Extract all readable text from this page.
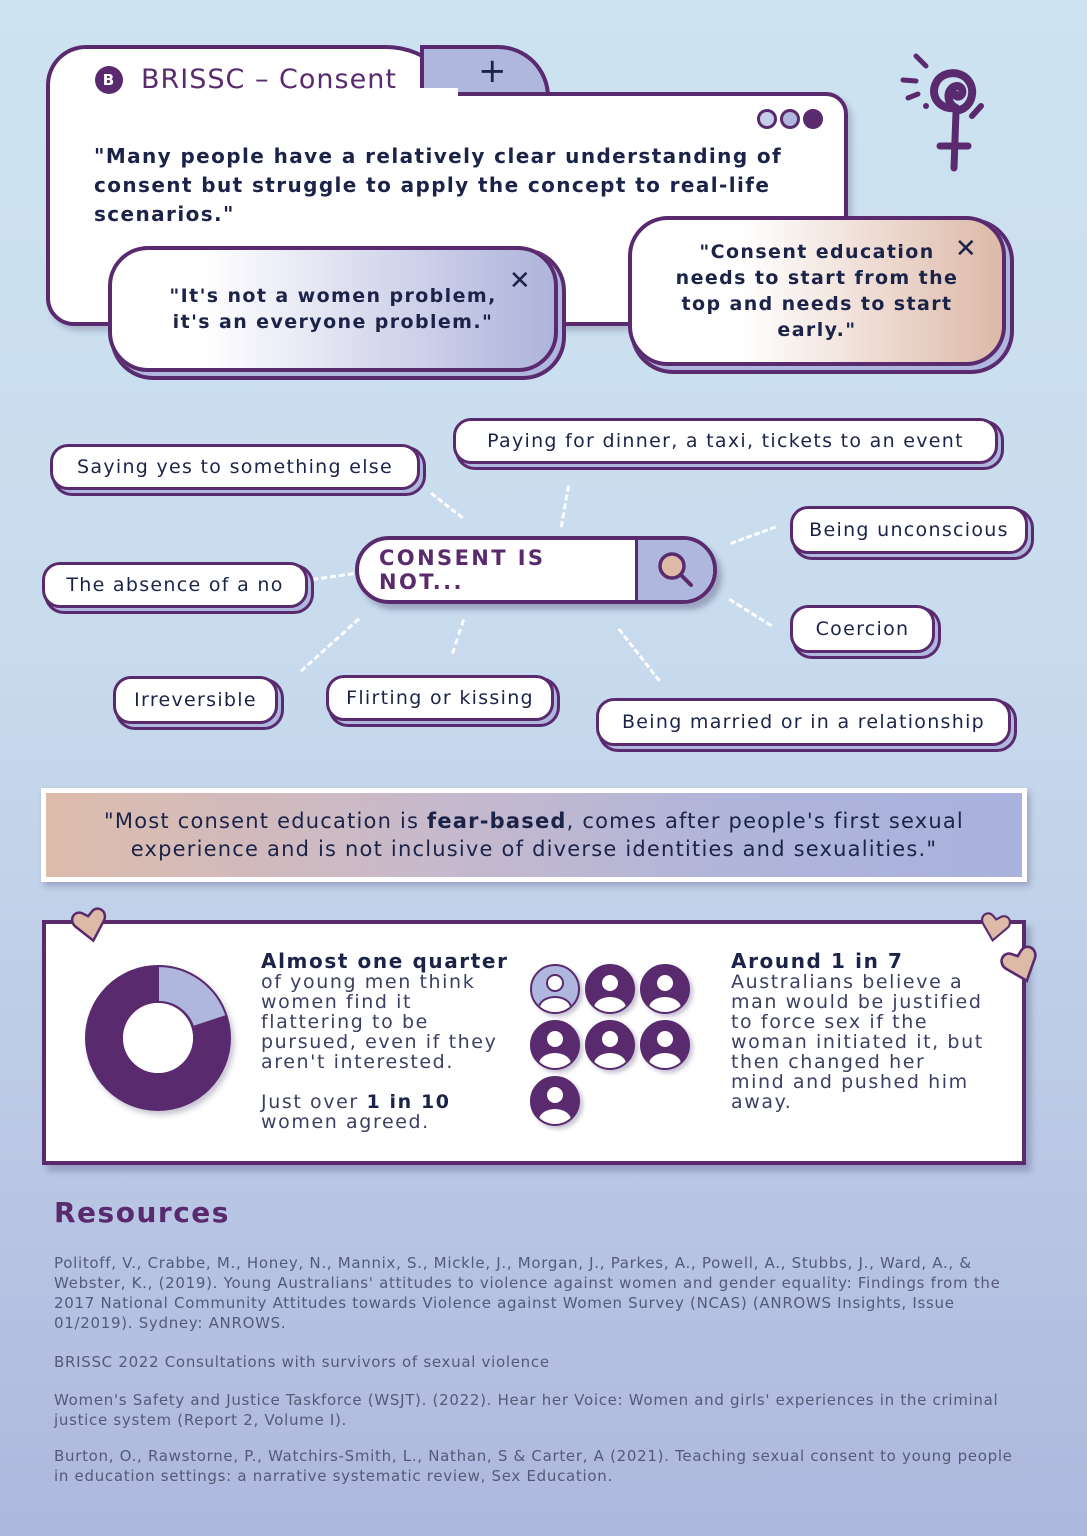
B BRISSC – Consent +
"Many people have a relatively clear understanding of consent but struggle to apply the concept to real-life scenarios."
"It's not a women problem, it's an everyone problem."
✕
"Consent education needs to start from the top and needs to start early."
✕
Saying yes to something else
Paying for dinner, a taxi, tickets to an event
Being unconscious
The absence of a no
Coercion
Irreversible	Flirting or kissing
Being married or in a relationship
CONSENT IS NOT...

"Most consent education is fear-based, comes after people's first sexual experience and is not inclusive of diverse identities and sexualities."

Almost one quarter
of young men think women find it flattering to be pursued, even if they aren't interested.
Just over 1 in 10
women agreed.
Around 1 in 7
Australians believe a man would be justified to force sex if the woman initiated it, but then changed her mind and pushed him away.
Resources
Politoff, V., Crabbe, M., Honey, N., Mannix, S., Mickle, J., Morgan, J., Parkes, A., Powell, A., Stubbs, J., Ward, A., & Webster, K., (2019). Young Australians' attitudes to violence against women and gender equality: Findings from the 2017 National Community Attitudes towards Violence against Women Survey (NCAS) (ANROWS Insights, Issue 01/2019). Sydney: ANROWS.
BRISSC 2022 Consultations with survivors of sexual violence
Women's Safety and Justice Taskforce (WSJT). (2022). Hear her Voice: Women and girls' experiences in the criminal justice system (Report 2, Volume I).
Burton, O., Rawstorne, P., Watchirs-Smith, L., Nathan, S & Carter, A (2021). Teaching sexual consent to young people in education settings: a narrative systematic review, Sex Education.
